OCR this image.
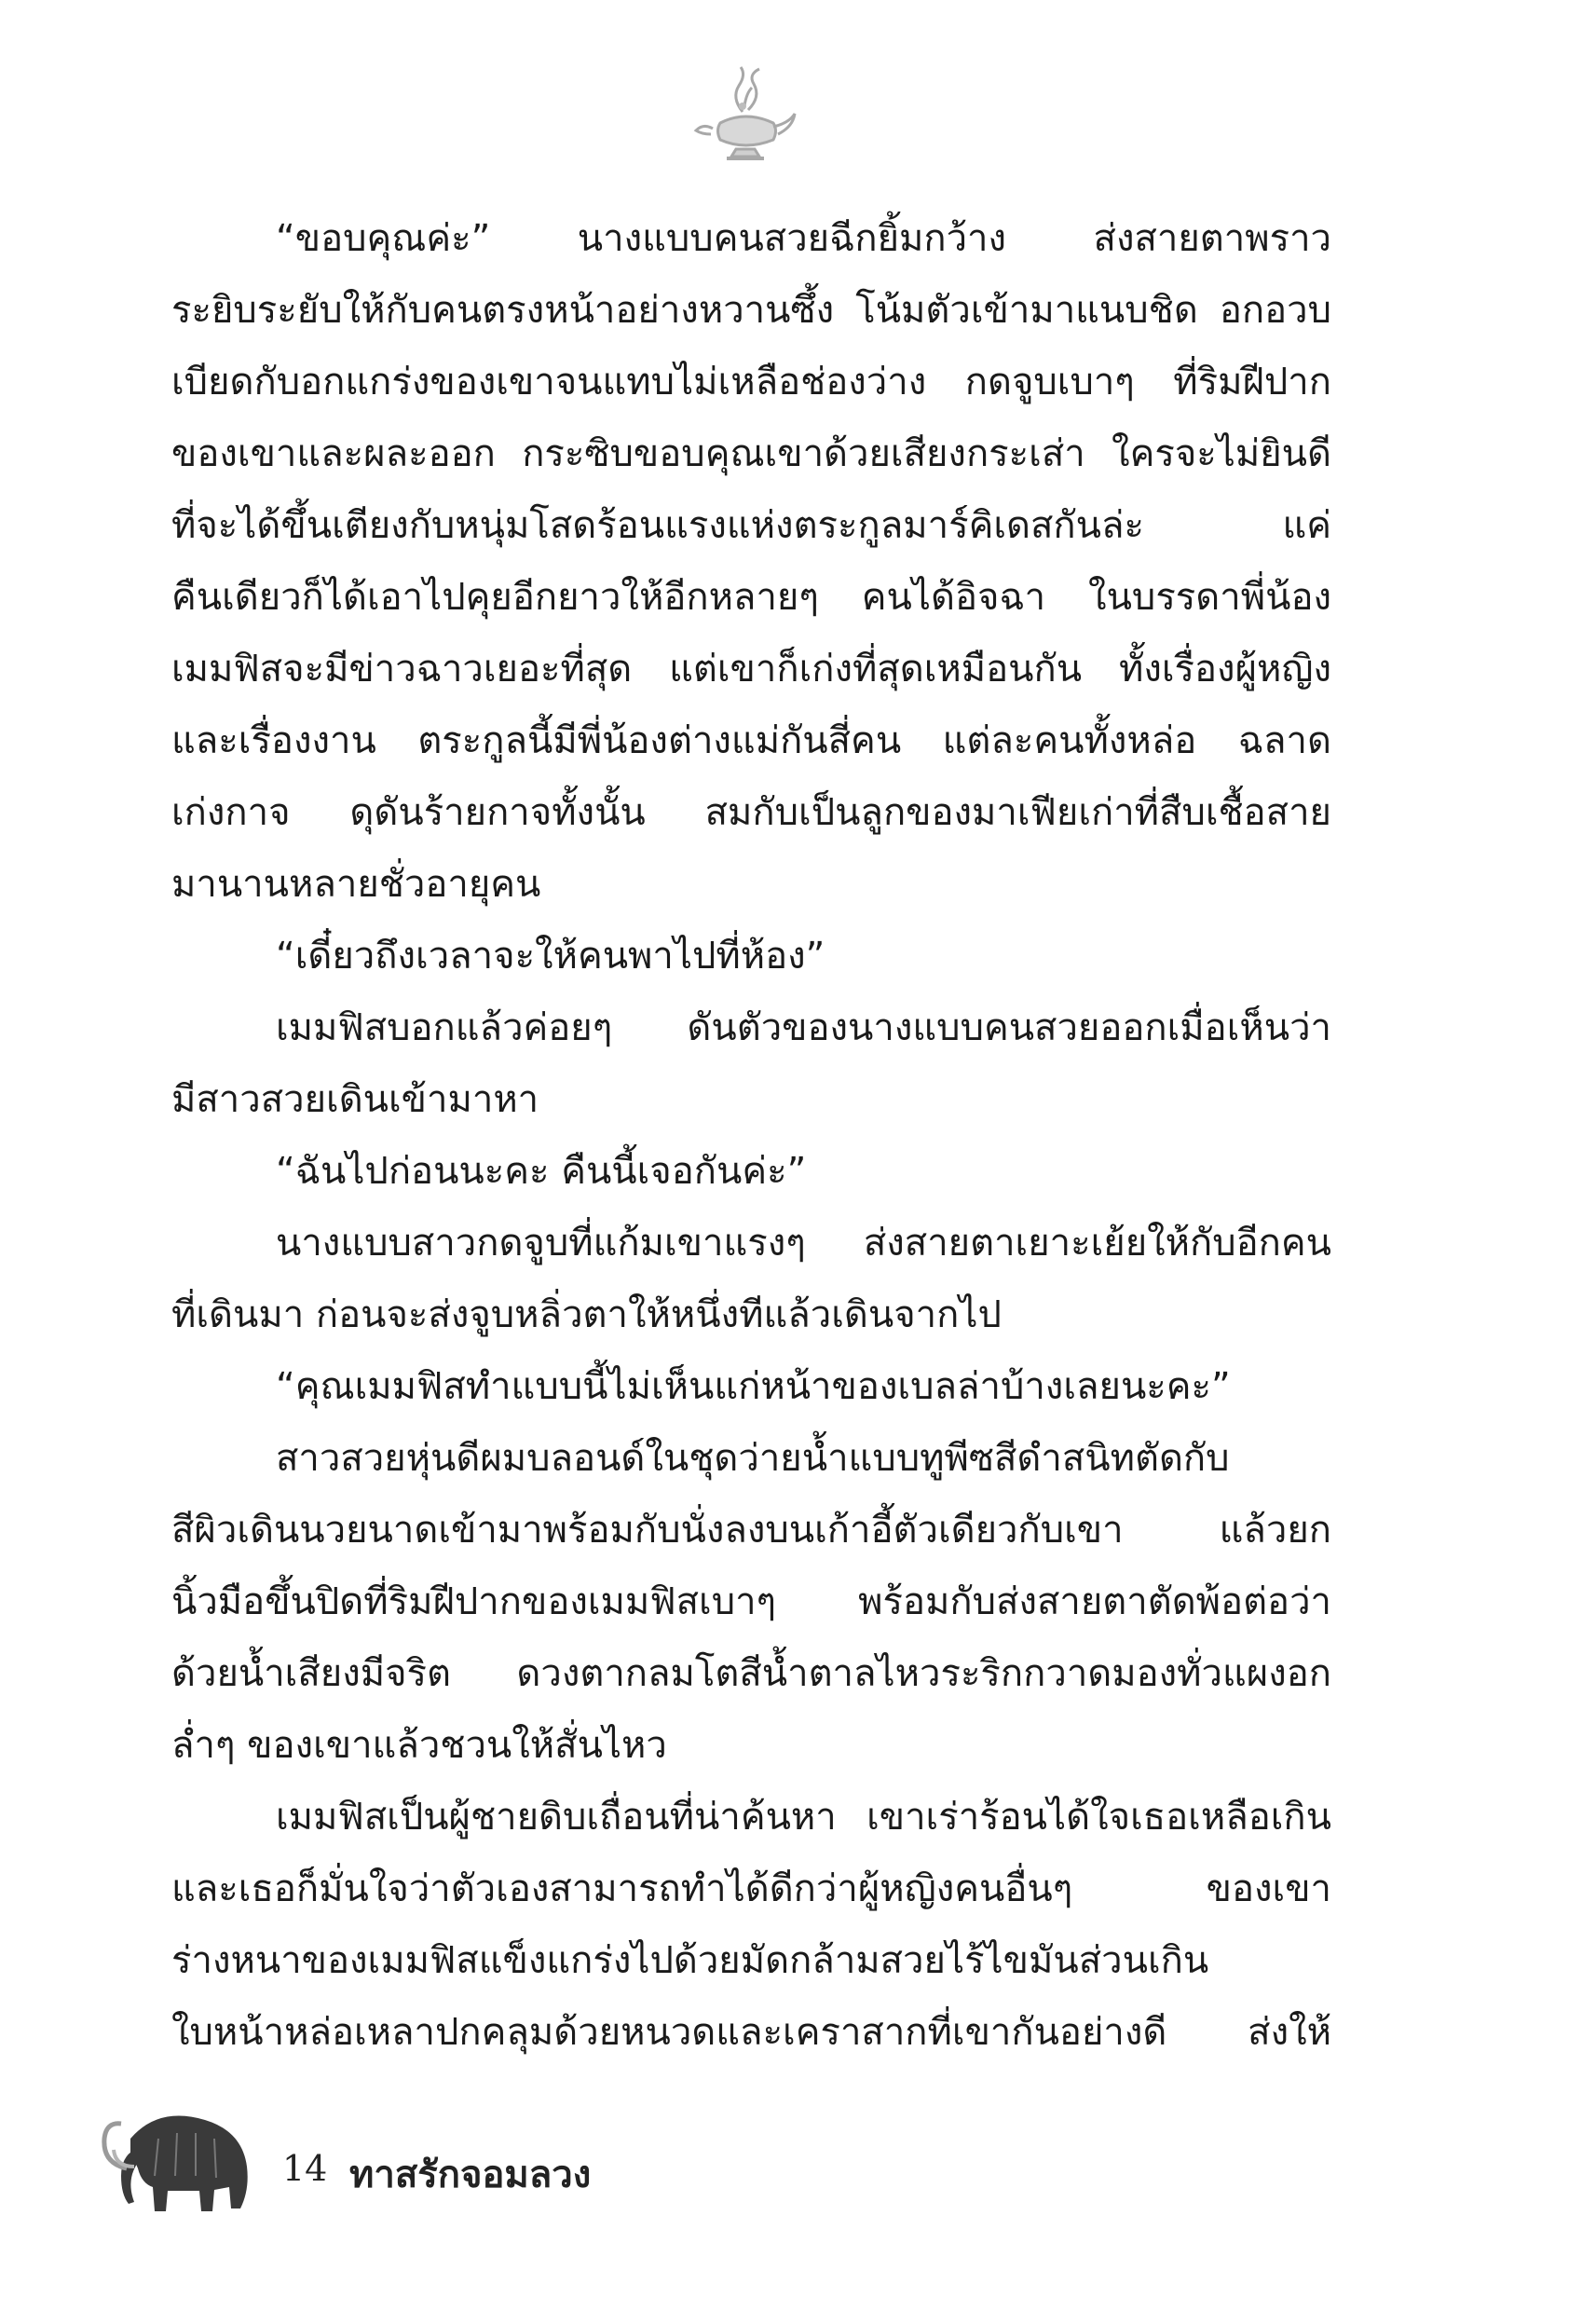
“ขอบคุณค่ะ” นางแบบคนสวยฉีกยิ้มกว้าง ส่งสายตาพราว
ระยิบระยับให้กับคนตรงหน้าอย่างหวานซึ้ง โน้มตัวเข้ามาแนบชิด อกอวบ
เบียดกับอกแกร่งของเขาจนแทบไม่เหลือช่องว่าง กดจูบเบาๆ ที่ริมฝีปาก
ของเขาและผละออก กระซิบขอบคุณเขาด้วยเสียงกระเส่า ใครจะไม่ยินดี
ที่จะได้ขึ้นเตียงกับหนุ่มโสดร้อนแรงแห่งตระกูลมาร์คิเดสกันล่ะ แค่
คืนเดียวก็ได้เอาไปคุยอีกยาวให้อีกหลายๆ คนได้อิจฉา ในบรรดาพี่น้อง
เมมฟิสจะมีข่าวฉาวเยอะที่สุด แต่เขาก็เก่งที่สุดเหมือนกัน ทั้งเรื่องผู้หญิง
และเรื่องงาน ตระกูลนี้มีพี่น้องต่างแม่กันสี่คน แต่ละคนทั้งหล่อ ฉลาด
เก่งกาจ ดุดันร้ายกาจทั้งนั้น สมกับเป็นลูกของมาเฟียเก่าที่สืบเชื้อสาย
มานานหลายชั่วอายุคน
“เดี๋ยวถึงเวลาจะให้คนพาไปที่ห้อง”
เมมฟิสบอกแล้วค่อยๆ ดันตัวของนางแบบคนสวยออกเมื่อเห็นว่า
มีสาวสวยเดินเข้ามาหา
“ฉันไปก่อนนะคะ คืนนี้เจอกันค่ะ”
นางแบบสาวกดจูบที่แก้มเขาแรงๆ ส่งสายตาเยาะเย้ยให้กับอีกคน
ที่เดินมา ก่อนจะส่งจูบหลิ่วตาให้หนึ่งทีแล้วเดินจากไป
“คุณเมมฟิสทำแบบนี้ไม่เห็นแก่หน้าของเบลล่าบ้างเลยนะคะ”
สาวสวยหุ่นดีผมบลอนด์ในชุดว่ายน้ำแบบทูพีซสีดำสนิทตัดกับ
สีผิวเดินนวยนาดเข้ามาพร้อมกับนั่งลงบนเก้าอี้ตัวเดียวกับเขา แล้วยก
นิ้วมือขึ้นปิดที่ริมฝีปากของเมมฟิสเบาๆ พร้อมกับส่งสายตาตัดพ้อต่อว่า
ด้วยน้ำเสียงมีจริต ดวงตากลมโตสีน้ำตาลไหวระริกกวาดมองทั่วแผงอก
ล่ำๆ ของเขาแล้วชวนให้สั่นไหว
เมมฟิสเป็นผู้ชายดิบเถื่อนที่น่าค้นหา เขาเร่าร้อนได้ใจเธอเหลือเกิน
และเธอก็มั่นใจว่าตัวเองสามารถทำได้ดีกว่าผู้หญิงคนอื่นๆ ของเขา
ร่างหนาของเมมฟิสแข็งแกร่งไปด้วยมัดกล้ามสวยไร้ไขมันส่วนเกิน
ใบหน้าหล่อเหลาปกคลุมด้วยหนวดและเคราสากที่เขากันอย่างดี ส่งให้
14 ทาสรักจอมลวง
